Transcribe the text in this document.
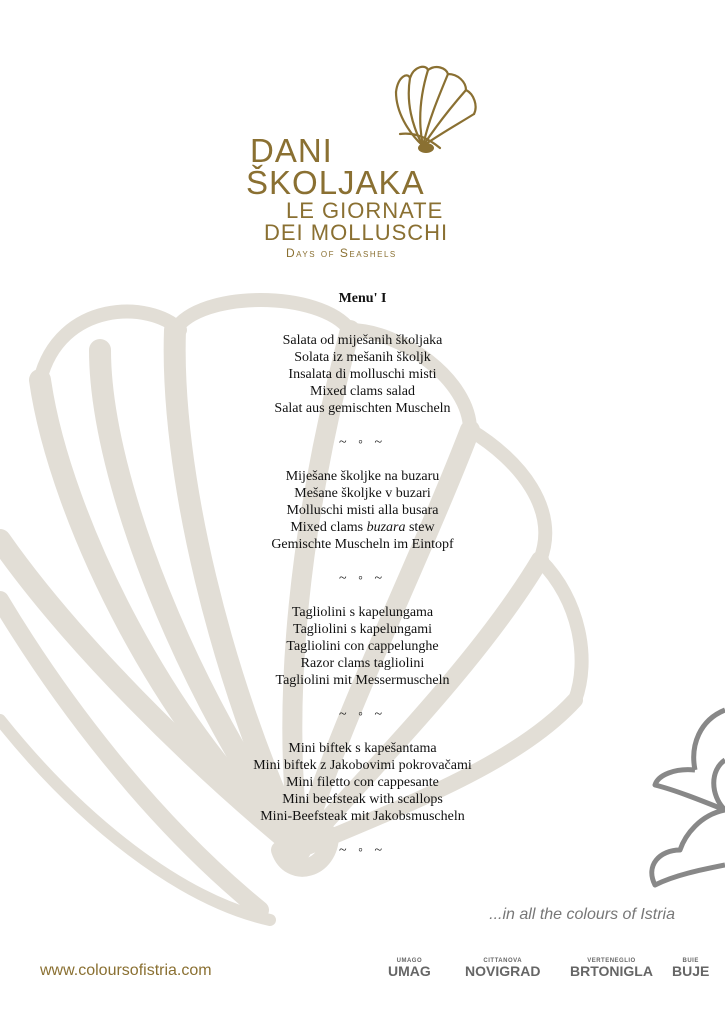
DANI
ŠKOLJAKA
LE GIORNATE
DEI MOLLUSCHI
Days of Seashels
Menu' I
Salata od miješanih školjaka
Solata iz mešanih školjk
Insalata di molluschi misti
Mixed clams salad
Salat aus gemischten Muscheln
~ ◦ ~
Miješane školjke na buzaru
Mešane školjke v buzari
Molluschi misti alla busara
Mixed clams buzara stew
Gemischte Muscheln im Eintopf
~ ◦ ~
Tagliolini s kapelungama
Tagliolini s kapelungami
Tagliolini con cappelunghe
Razor clams tagliolini
Tagliolini mit Messermuscheln
~ ◦ ~
Mini biftek s kapešantama
Mini biftek z Jakobovimi pokrovačami
Mini filetto con cappesante
Mini beefsteak with scallops
Mini-Beefsteak mit Jakobsmuscheln
~ ◦ ~
...in all the colours of Istria
www.coloursofistria.com
UMAGO
UMAG
CITTANOVA
NOVIGRAD
VERTENEGLIO
BRTONIGLA
BUIE
BUJE
